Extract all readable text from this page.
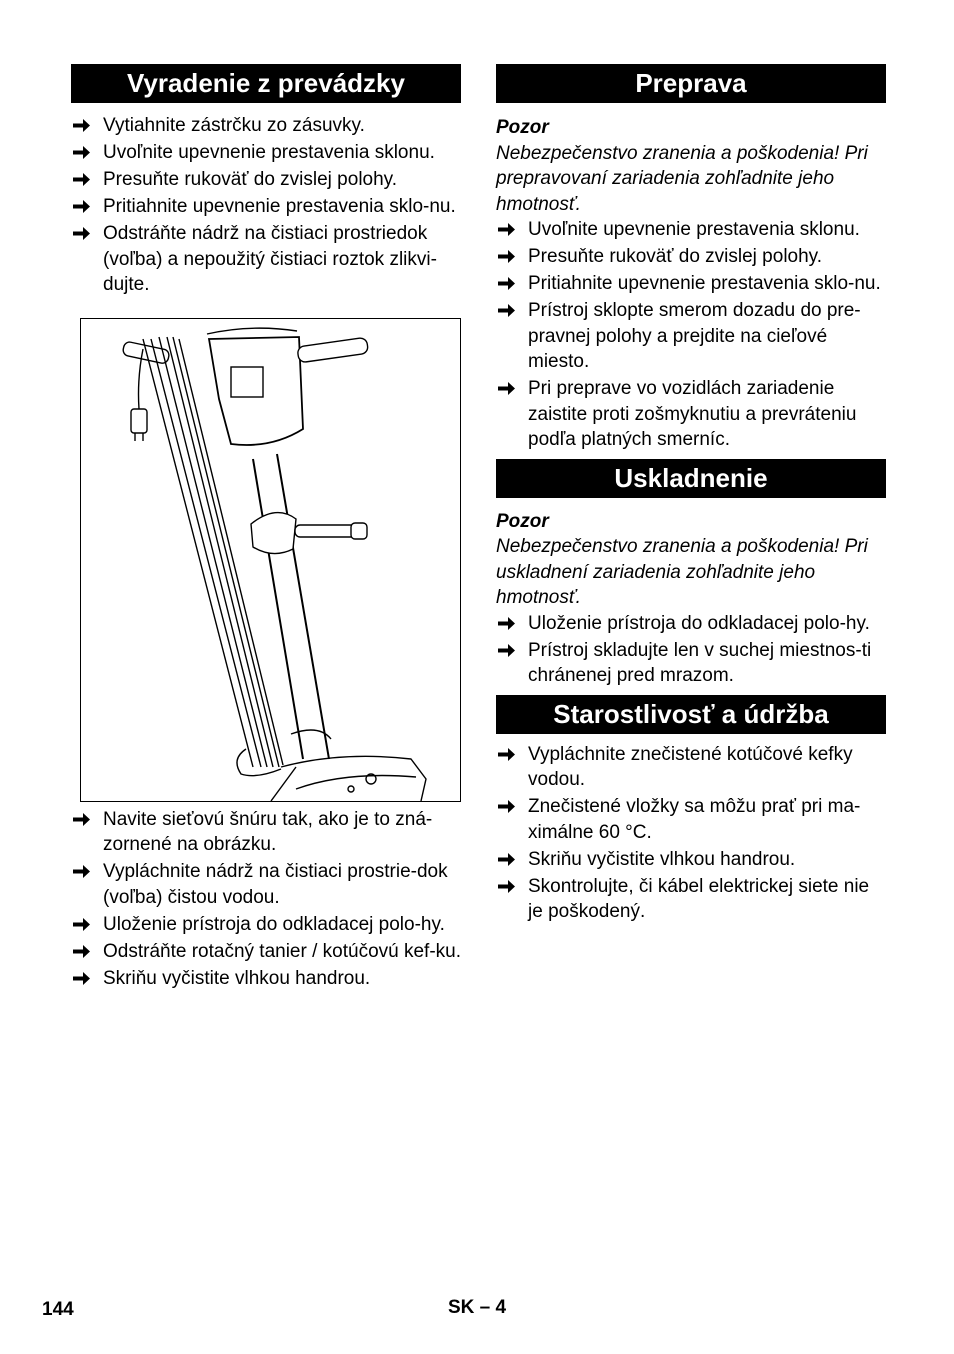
Vyradenie z prevádzky
Vytiahnite zástrčku zo zásuvky.
Uvoľnite upevnenie prestavenia sklonu.
Presuňte rukoväť do zvislej polohy.
Pritiahnite upevnenie prestavenia sklo-nu.
Odstráňte nádrž na čistiaci prostriedok (voľba) a nepoužitý čistiaci roztok zlikvi-dujte.
Navite sieťovú šnúru tak, ako je to zná-zornené na obrázku.
Vypláchnite nádrž na čistiaci prostrie-dok (voľba) čistou vodou.
Uloženie prístroja do odkladacej polo-hy.
Odstráňte rotačný tanier / kotúčovú kef-ku.
Skriňu vyčistite vlhkou handrou.
Preprava

Pozor

Nebezpečenstvo zranenia a poškodenia! Pri prepravovaní zariadenia zohľadnite jeho hmotnosť.

Uvoľnite upevnenie prestavenia sklonu.
Presuňte rukoväť do zvislej polohy.
Pritiahnite upevnenie prestavenia sklo-nu.
Prístroj sklopte smerom dozadu do pre-pravnej polohy a prejdite na cieľové miesto.
Pri preprave vo vozidlách zariadenie zaistite proti zošmyknutiu a prevráteniu podľa platných smerníc.
Uskladnenie

Pozor

Nebezpečenstvo zranenia a poškodenia! Pri uskladnení zariadenia zohľadnite jeho hmotnosť.

Uloženie prístroja do odkladacej polo-hy.
Prístroj skladujte len v suchej miestnos-ti chránenej pred mrazom.
Starostlivosť a údržba
Vypláchnite znečistené kotúčové kefky vodou.
Znečistené vložky sa môžu prať pri ma-ximálne 60 °C.
Skriňu vyčistite vlhkou handrou.
Skontrolujte, či kábel elektrickej siete nie je poškodený.
144	SK – 4
